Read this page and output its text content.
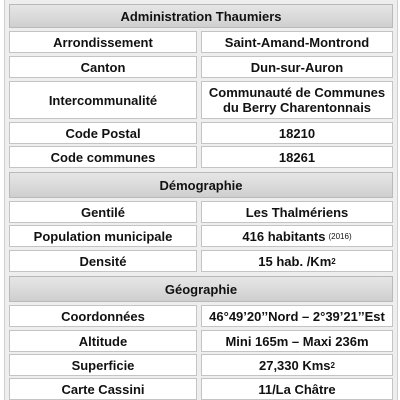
Administration Thaumiers
Arrondissement	Saint-Amand-Montrond
Canton	Dun-sur-Auron
Intercommunalité	Communauté de Communes
du Berry Charentonnais
Code Postal	18210
Code communes	18261
Démographie
Gentilé	Les Thalmériens
Population municipale	416 habitants (2016)
Densité	15 hab. /Km 2
Géographie
Coordonnées	46°49’20’’Nord – 2°39’21’’Est
Altitude	Mini 165m – Maxi 236m
Superficie	27,330 Kms 2
Carte Cassini	11/La Châtre
